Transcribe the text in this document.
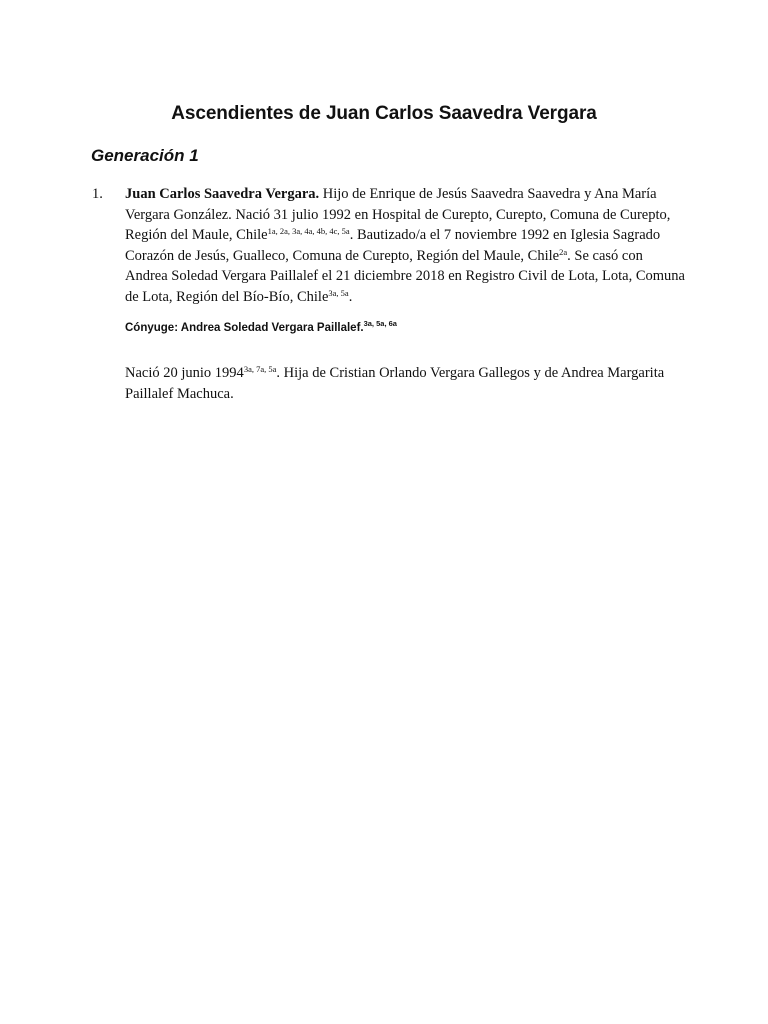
Ascendientes de Juan Carlos Saavedra Vergara
Generación 1
1. Juan Carlos Saavedra Vergara. Hijo de Enrique de Jesús Saavedra Saavedra y Ana María Vergara González. Nació 31 julio 1992 en Hospital de Curepto, Curepto, Comuna de Curepto, Región del Maule, Chile$^{1a, 2a, 3a, 4a, 4b, 4c, 5a}$. Bautizado/a el 7 noviembre 1992 en Iglesia Sagrado Corazón de Jesús, Gualleco, Comuna de Curepto, Región del Maule, Chile$^{2a}$. Se casó con Andrea Soledad Vergara Paillalef el 21 diciembre 2018 en Registro Civil de Lota, Lota, Comuna de Lota, Región del Bío-Bío, Chile$^{3a, 5a}$.

Cónyuge: Andrea Soledad Vergara Paillalef.$^{3a, 5a, 6a}$

Nació 20 junio $1994^{3a, 7a, 5a}$. Hija de Cristian Orlando Vergara Gallegos y de Andrea Margarita Paillalef Machuca.
